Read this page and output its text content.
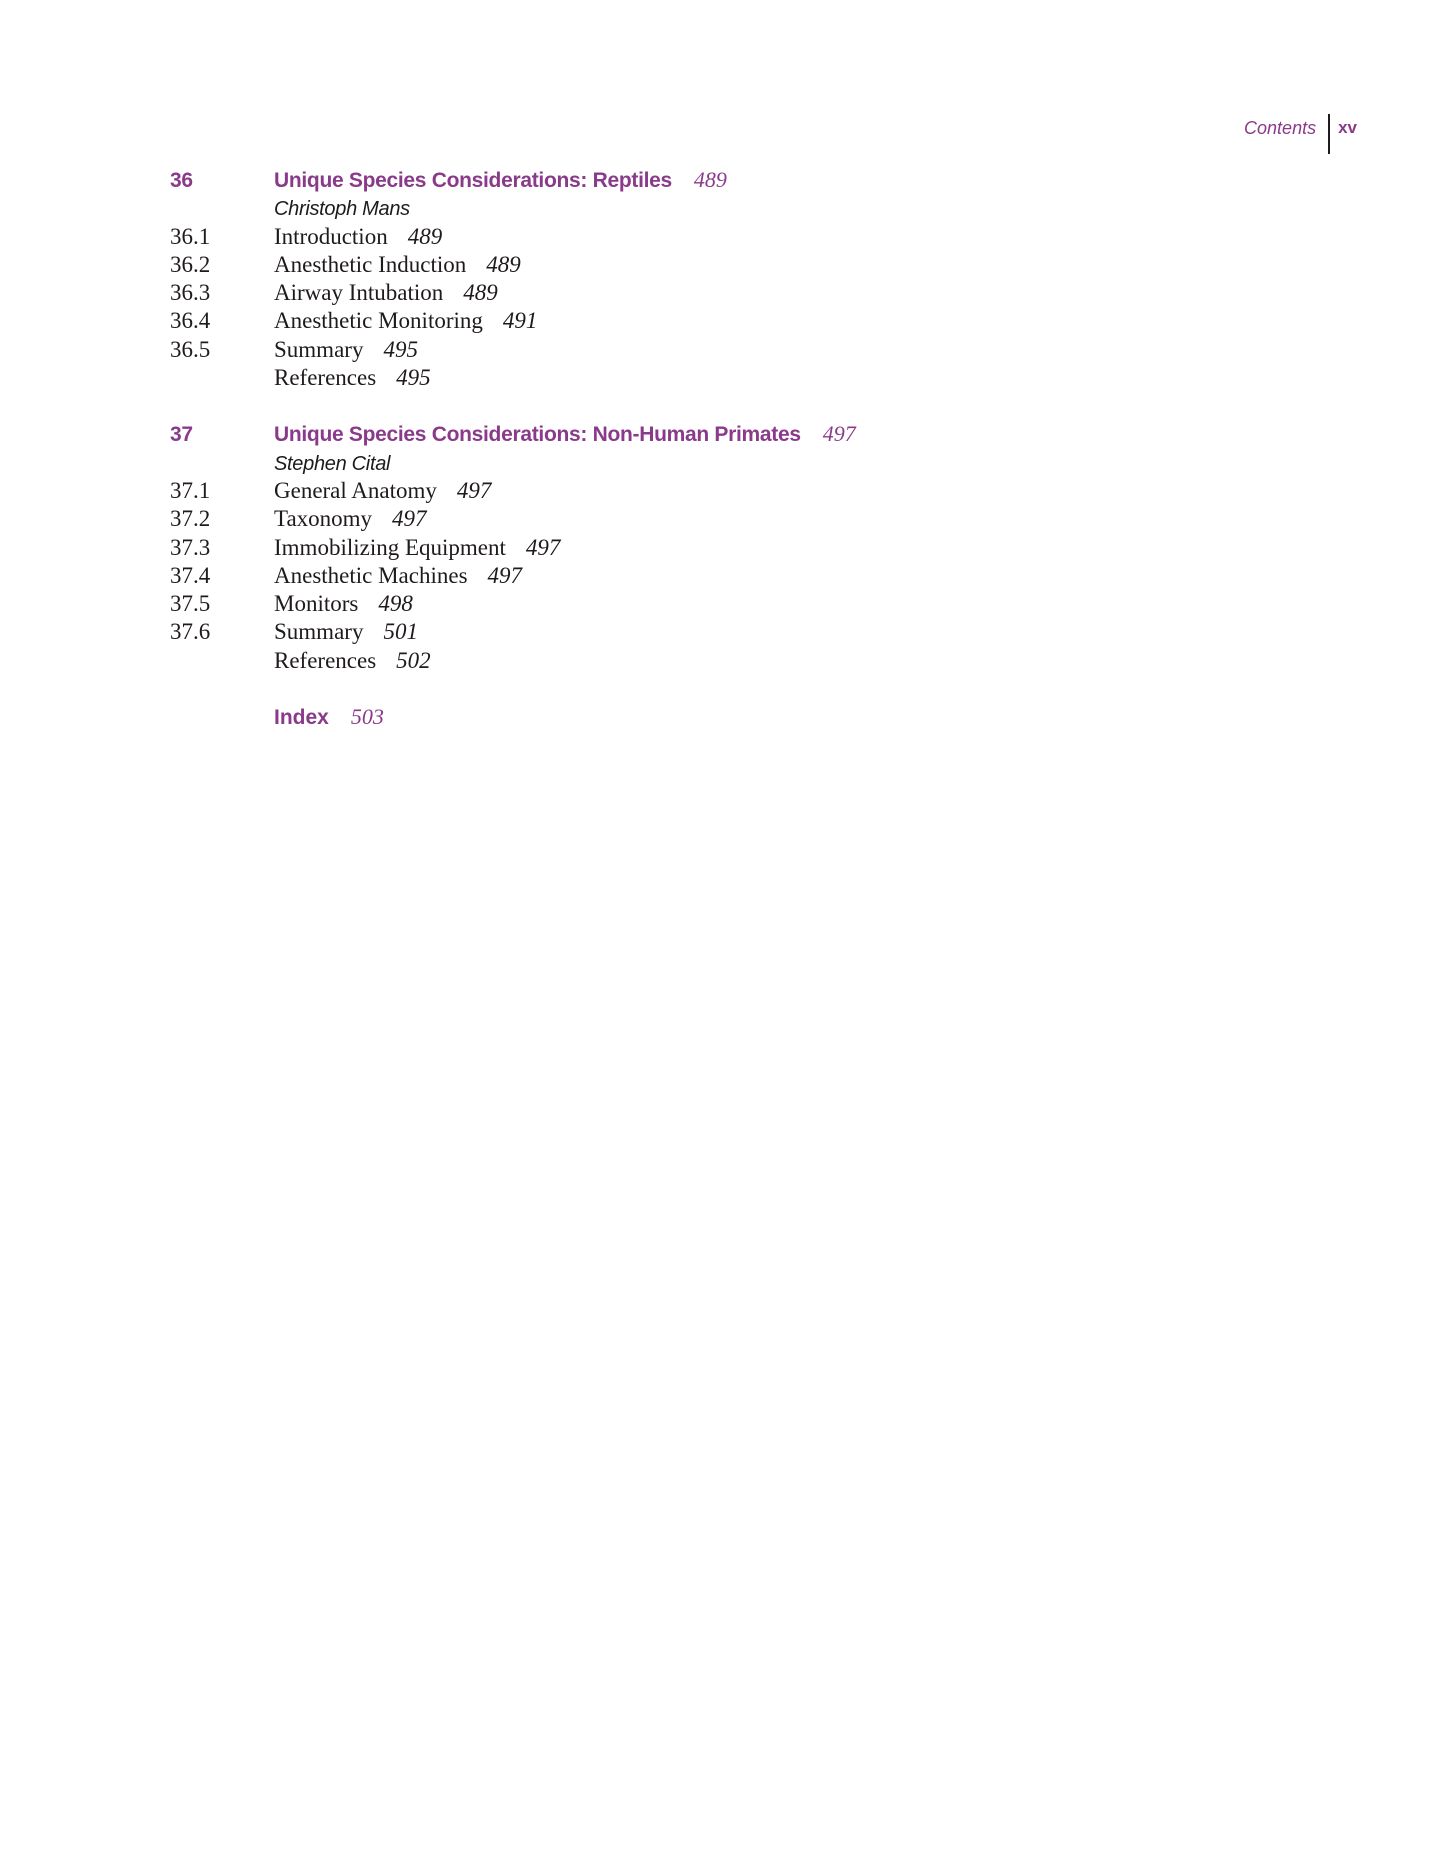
Contents	xv
36	Unique Species Considerations: Reptiles 489
Christoph Mans
36.1	Introduction 489
36.2	Anesthetic Induction 489
36.3	Airway Intubation 489
36.4	Anesthetic Monitoring 491
36.5	Summary 495
References 495
37	Unique Species Considerations: Non-Human Primates 497
Stephen Cital
37.1	General Anatomy 497
37.2	Taxonomy 497
37.3	Immobilizing Equipment 497
37.4	Anesthetic Machines 497
37.5	Monitors 498
37.6	Summary 501
References 502
Index 503
